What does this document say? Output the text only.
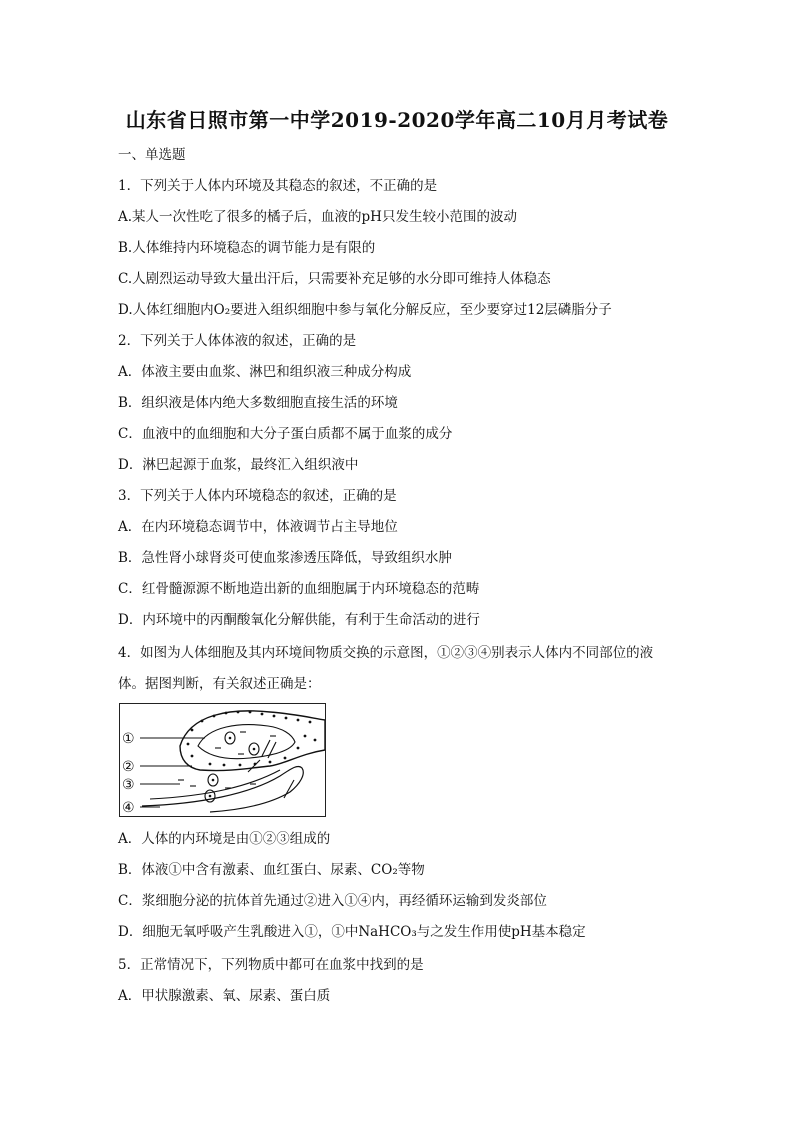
山东省日照市第一中学2019-2020学年高二10月月考试卷
一、单选题
1．下列关于人体内环境及其稳态的叙述，不正确的是
A.某人一次性吃了很多的橘子后，血液的pH只发生较小范围的波动
B.人体维持内环境稳态的调节能力是有限的
C.人剧烈运动导致大量出汗后，只需要补充足够的水分即可维持人体稳态
D.人体红细胞内O₂要进入组织细胞中参与氧化分解反应，至少要穿过12层磷脂分子
2．下列关于人体体液的叙述，正确的是
A．体液主要由血浆、淋巴和组织液三种成分构成
B．组织液是体内绝大多数细胞直接生活的环境
C．血液中的血细胞和大分子蛋白质都不属于血浆的成分
D．淋巴起源于血浆，最终汇入组织液中
3．下列关于人体内环境稳态的叙述，正确的是
A．在内环境稳态调节中，体液调节占主导地位
B．急性肾小球肾炎可使血浆渗透压降低，导致组织水肿
C．红骨髓源源不断地造出新的血细胞属于内环境稳态的范畴
D．内环境中的丙酮酸氧化分解供能，有利于生命活动的进行
4．如图为人体细胞及其内环境间物质交换的示意图，①②③④别表示人体内不同部位的液
体。据图判断，有关叙述正确是：
①
②
③
④
A．人体的内环境是由①②③组成的
B．体液①中含有激素、血红蛋白、尿素、CO₂等物
C．浆细胞分泌的抗体首先通过②进入①④内，再经循环运输到发炎部位
D．细胞无氧呼吸产生乳酸进入①，①中NaHCO₃与之发生作用使pH基本稳定
5．正常情况下，下列物质中都可在血浆中找到的是
A．甲状腺激素、氧、尿素、蛋白质
